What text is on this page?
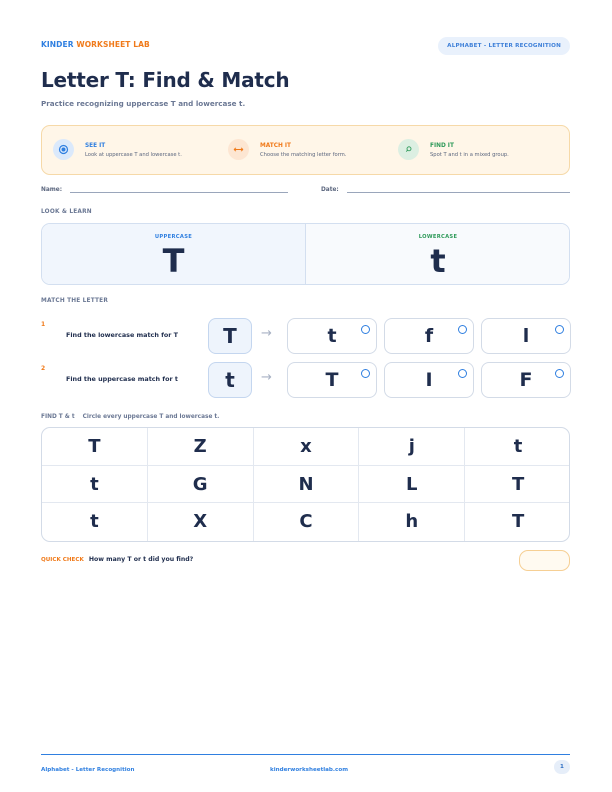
KINDER WORKSHEET LAB	ALPHABET - LETTER RECOGNITION
Letter T: Find & Match
Practice recognizing uppercase T and lowercase t.
SEE IT
Look at uppercase T and lowercase t.
MATCH IT
Choose the matching letter form.
FIND IT
Spot T and t in a mixed group.
Name:	Date:
LOOK & LEARN
UPPERCASE
T
LOWERCASE
t
MATCH THE LETTER
1
Find the lowercase match for T	T	→	t	f	l
2
Find the uppercase match for t	t	→	T	I	F
FIND T & t Circle every uppercase T and lowercase t.
T	Z	x	j	t
t	G	N	L	T
t	X	C	h	T
QUICK CHECK How many T or t did you find?
Alphabet - Letter Recognition	kinderworksheetlab.com	1
